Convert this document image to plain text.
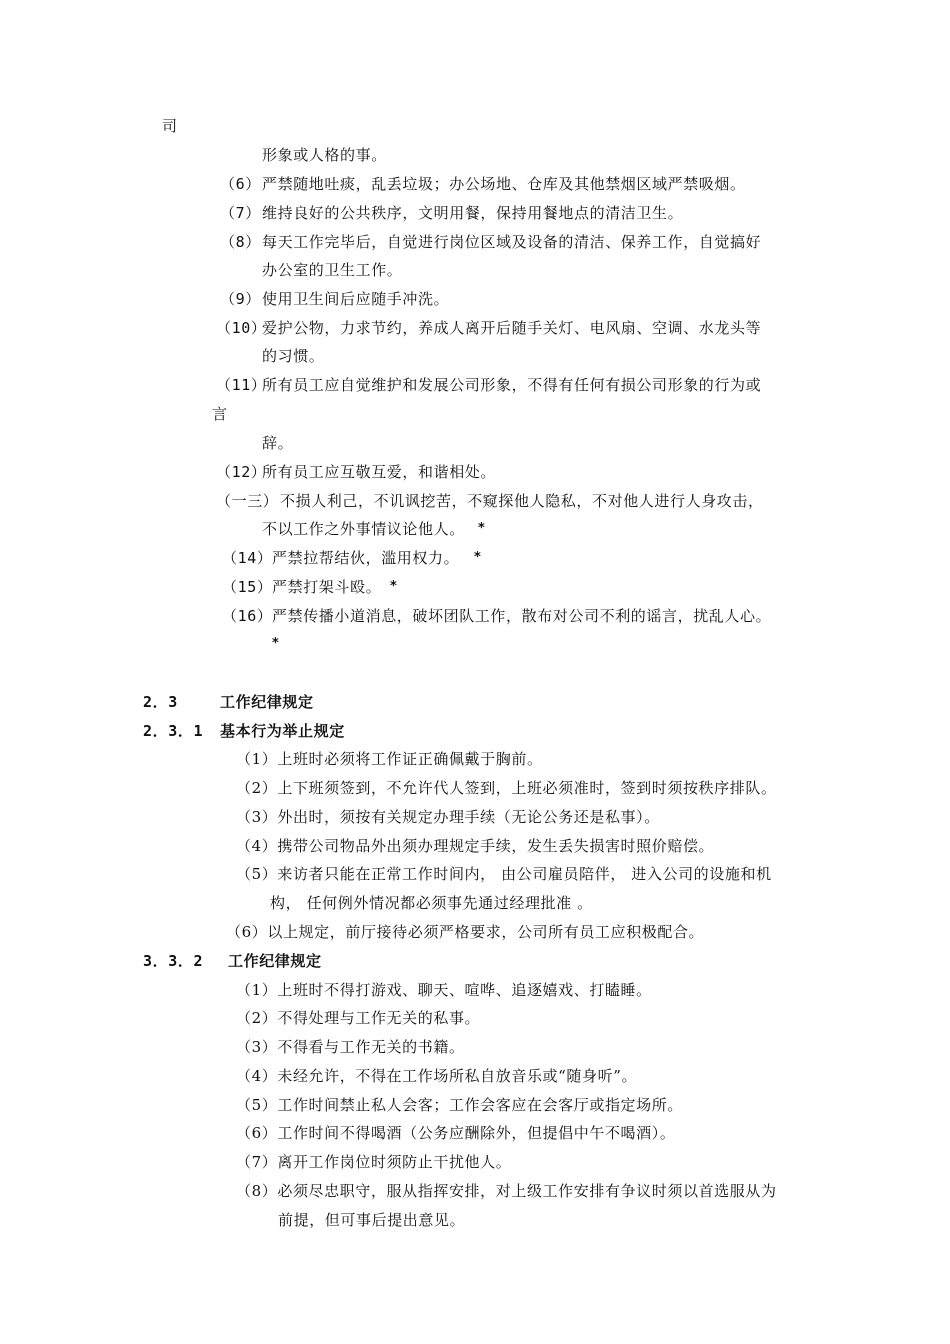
司
形象或人格的事。
（6） 严禁随地吐痰，乱丢垃圾；办公场地、仓库及其他禁烟区域严禁吸烟。
（7） 维持良好的公共秩序，文明用餐，保持用餐地点的清洁卫生。
（8） 每天工作完毕后，自觉进行岗位区域及设备的清洁、保养工作，自觉搞好
办公室的卫生工作。
（9） 使用卫生间后应随手冲洗。
（10）
爱护公物，力求节约，养成人离开后随手关灯、电风扇、空调、水龙头等
的习惯。
（11）
所有员工应自觉维护和发展公司形象，不得有任何有损公司形象的行为或
言
辞。
（12）
所有员工应互敬互爱，和谐相处。
（一三） 不损人利己，不讥讽挖苦，不窥探他人隐私，不对他人进行人身攻击，
不以工作之外事情议论他人。 *
（14） 严禁拉帮结伙，滥用权力。 *
（15） 严禁打架斗殴。 *
（16） 严禁传播小道消息，破坏团队工作，散布对公司不利的谣言，扰乱人心。
*
2．3	工作纪律规定
2．3．1 基本行为举止规定
（1）上班时必须将工作证正确佩戴于胸前。
（2）上下班须签到，不允许代人签到，上班必须准时，签到时须按秩序排队。
（3）外出时，须按有关规定办理手续（无论公务还是私事）。
（4）携带公司物品外出须办理规定手续，发生丢失损害时照价赔偿。
（5）来访者只能在正常工作时间内， 由公司雇员陪伴， 进入公司的设施和机
构， 任何例外情况都必须事先通过经理批准 。
（6）以上规定，前厅接待必须严格要求，公司所有员工应积极配合。
3．3．2 工作纪律规定
（1）上班时不得打游戏、聊天、喧哗、追逐嬉戏、打瞌睡。
（2）不得处理与工作无关的私事。
（3）不得看与工作无关的书籍。
（4）未经允许，不得在工作场所私自放音乐或“随身听”。
（5）工作时间禁止私人会客；工作会客应在会客厅或指定场所。
（6）工作时间不得喝酒（公务应酬除外，但提倡中午不喝酒）。
（7）离开工作岗位时须防止干扰他人。
（8）必须尽忠职守，服从指挥安排，对上级工作安排有争议时须以首选服从为
前提，但可事后提出意见。
